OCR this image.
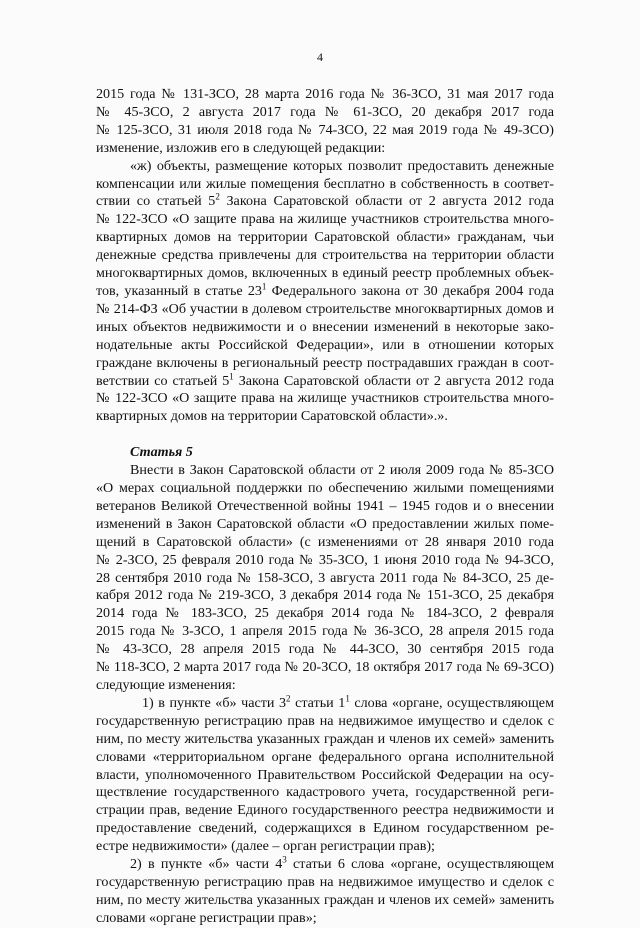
4

2015 года № 131-ЗСО, 28 марта 2016 года № 36-ЗСО, 31 мая 2017 года

№ 45-ЗСО, 2 августа 2017 года № 61-ЗСО, 20 декабря 2017 года

№ 125-ЗСО, 31 июля 2018 года № 74-ЗСО, 22 мая 2019 года № 49-ЗСО)

изменение, изложив его в следующей редакции:

«ж) объекты, размещение которых позволит предоставить денежные

компенсации или жилые помещения бесплатно в собственность в соответ-

ствии со статьей $5^2$ Закона Саратовской области от 2 августа 2012 года

№ 122-ЗСО «О защите права на жилище участников строительства много-

квартирных домов на территории Саратовской области» гражданам, чьи

денежные средства привлечены для строительства на территории области

многоквартирных домов, включенных в единый реестр проблемных объек-

тов, указанный в статье $23^1$ Федерального закона от 30 декабря 2004 года

№ 214-ФЗ «Об участии в долевом строительстве многоквартирных домов и

иных объектов недвижимости и о внесении изменений в некоторые зако-

нодательные акты Российской Федерации», или в отношении которых

граждане включены в региональный реестр пострадавших граждан в соот-

ветствии со статьей $5^1$ Закона Саратовской области от 2 августа 2012 года

№ 122-ЗСО «О защите права на жилище участников строительства много-

квартирных домов на территории Саратовской области».».

Статья 5

Внести в Закон Саратовской области от 2 июля 2009 года № 85-ЗСО

«О мерах социальной поддержки по обеспечению жилыми помещениями

ветеранов Великой Отечественной войны 1941 – 1945 годов и о внесении

изменений в Закон Саратовской области «О предоставлении жилых поме-

щений в Саратовской области» (с изменениями от 28 января 2010 года

№ 2-ЗСО, 25 февраля 2010 года № 35-ЗСО, 1 июня 2010 года № 94-ЗСО,

28 сентября 2010 года № 158-ЗСО, 3 августа 2011 года № 84-ЗСО, 25 де-

кабря 2012 года № 219-ЗСО, 3 декабря 2014 года № 151-ЗСО, 25 декабря

2014 года № 183-ЗСО, 25 декабря 2014 года № 184-ЗСО, 2 февраля

2015 года № 3-ЗСО, 1 апреля 2015 года № 36-ЗСО, 28 апреля 2015 года

№ 43-ЗСО, 28 апреля 2015 года № 44-ЗСО, 30 сентября 2015 года

№ 118-ЗСО, 2 марта 2017 года № 20-ЗСО, 18 октября 2017 года № 69-ЗСО)

следующие изменения:

1) в пункте «б» части $3^2$ статьи $1^1$ слова «органе, осуществляющем

государственную регистрацию прав на недвижимое имущество и сделок с

ним, по месту жительства указанных граждан и членов их семей» заменить

словами «территориальном органе федерального органа исполнительной

власти, уполномоченного Правительством Российской Федерации на осу-

ществление государственного кадастрового учета, государственной реги-

страции прав, ведение Единого государственного реестра недвижимости и

предоставление сведений, содержащихся в Едином государственном ре-

естре недвижимости» (далее – орган регистрации прав);

2) в пункте «б» части $4^3$ статьи 6 слова «органе, осуществляющем

государственную регистрацию прав на недвижимое имущество и сделок с

ним, по месту жительства указанных граждан и членов их семей» заменить

словами «органе регистрации прав»;
